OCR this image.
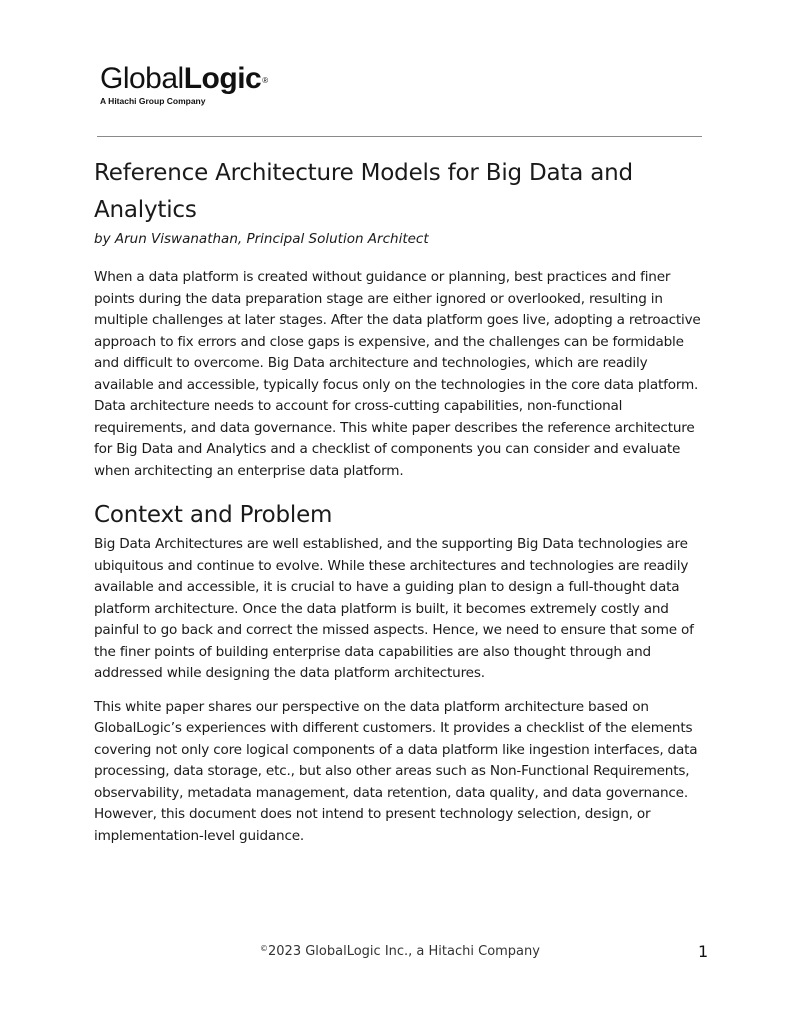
GlobalLogic®
A Hitachi Group Company
Reference Architecture Models for Big Data and Analytics

by Arun Viswanathan, Principal Solution Architect

When a data platform is created without guidance or planning, best practices and finer points during the data preparation stage are either ignored or overlooked, resulting in multiple challenges at later stages. After the data platform goes live, adopting a retroactive approach to fix errors and close gaps is expensive, and the challenges can be formidable and difficult to overcome. Big Data architecture and technologies, which are readily available and accessible, typically focus only on the technologies in the core data platform. Data architecture needs to account for cross-cutting capabilities, non-functional requirements, and data governance. This white paper describes the reference architecture for Big Data and Analytics and a checklist of components you can consider and evaluate when architecting an enterprise data platform.

Context and Problem

Big Data Architectures are well established, and the supporting Big Data technologies are ubiquitous and continue to evolve. While these architectures and technologies are readily available and accessible, it is crucial to have a guiding plan to design a full-thought data platform architecture. Once the data platform is built, it becomes extremely costly and painful to go back and correct the missed aspects. Hence, we need to ensure that some of the finer points of building enterprise data capabilities are also thought through and addressed while designing the data platform architectures.

This white paper shares our perspective on the data platform architecture based on GlobalLogic’s experiences with different customers. It provides a checklist of the elements covering not only core logical components of a data platform like ingestion interfaces, data processing, data storage, etc., but also other areas such as Non-Functional Requirements, observability, metadata management, data retention, data quality, and data governance. However, this document does not intend to present technology selection, design, or implementation-level guidance.

©2023 GlobalLogic Inc., a Hitachi Company	1
